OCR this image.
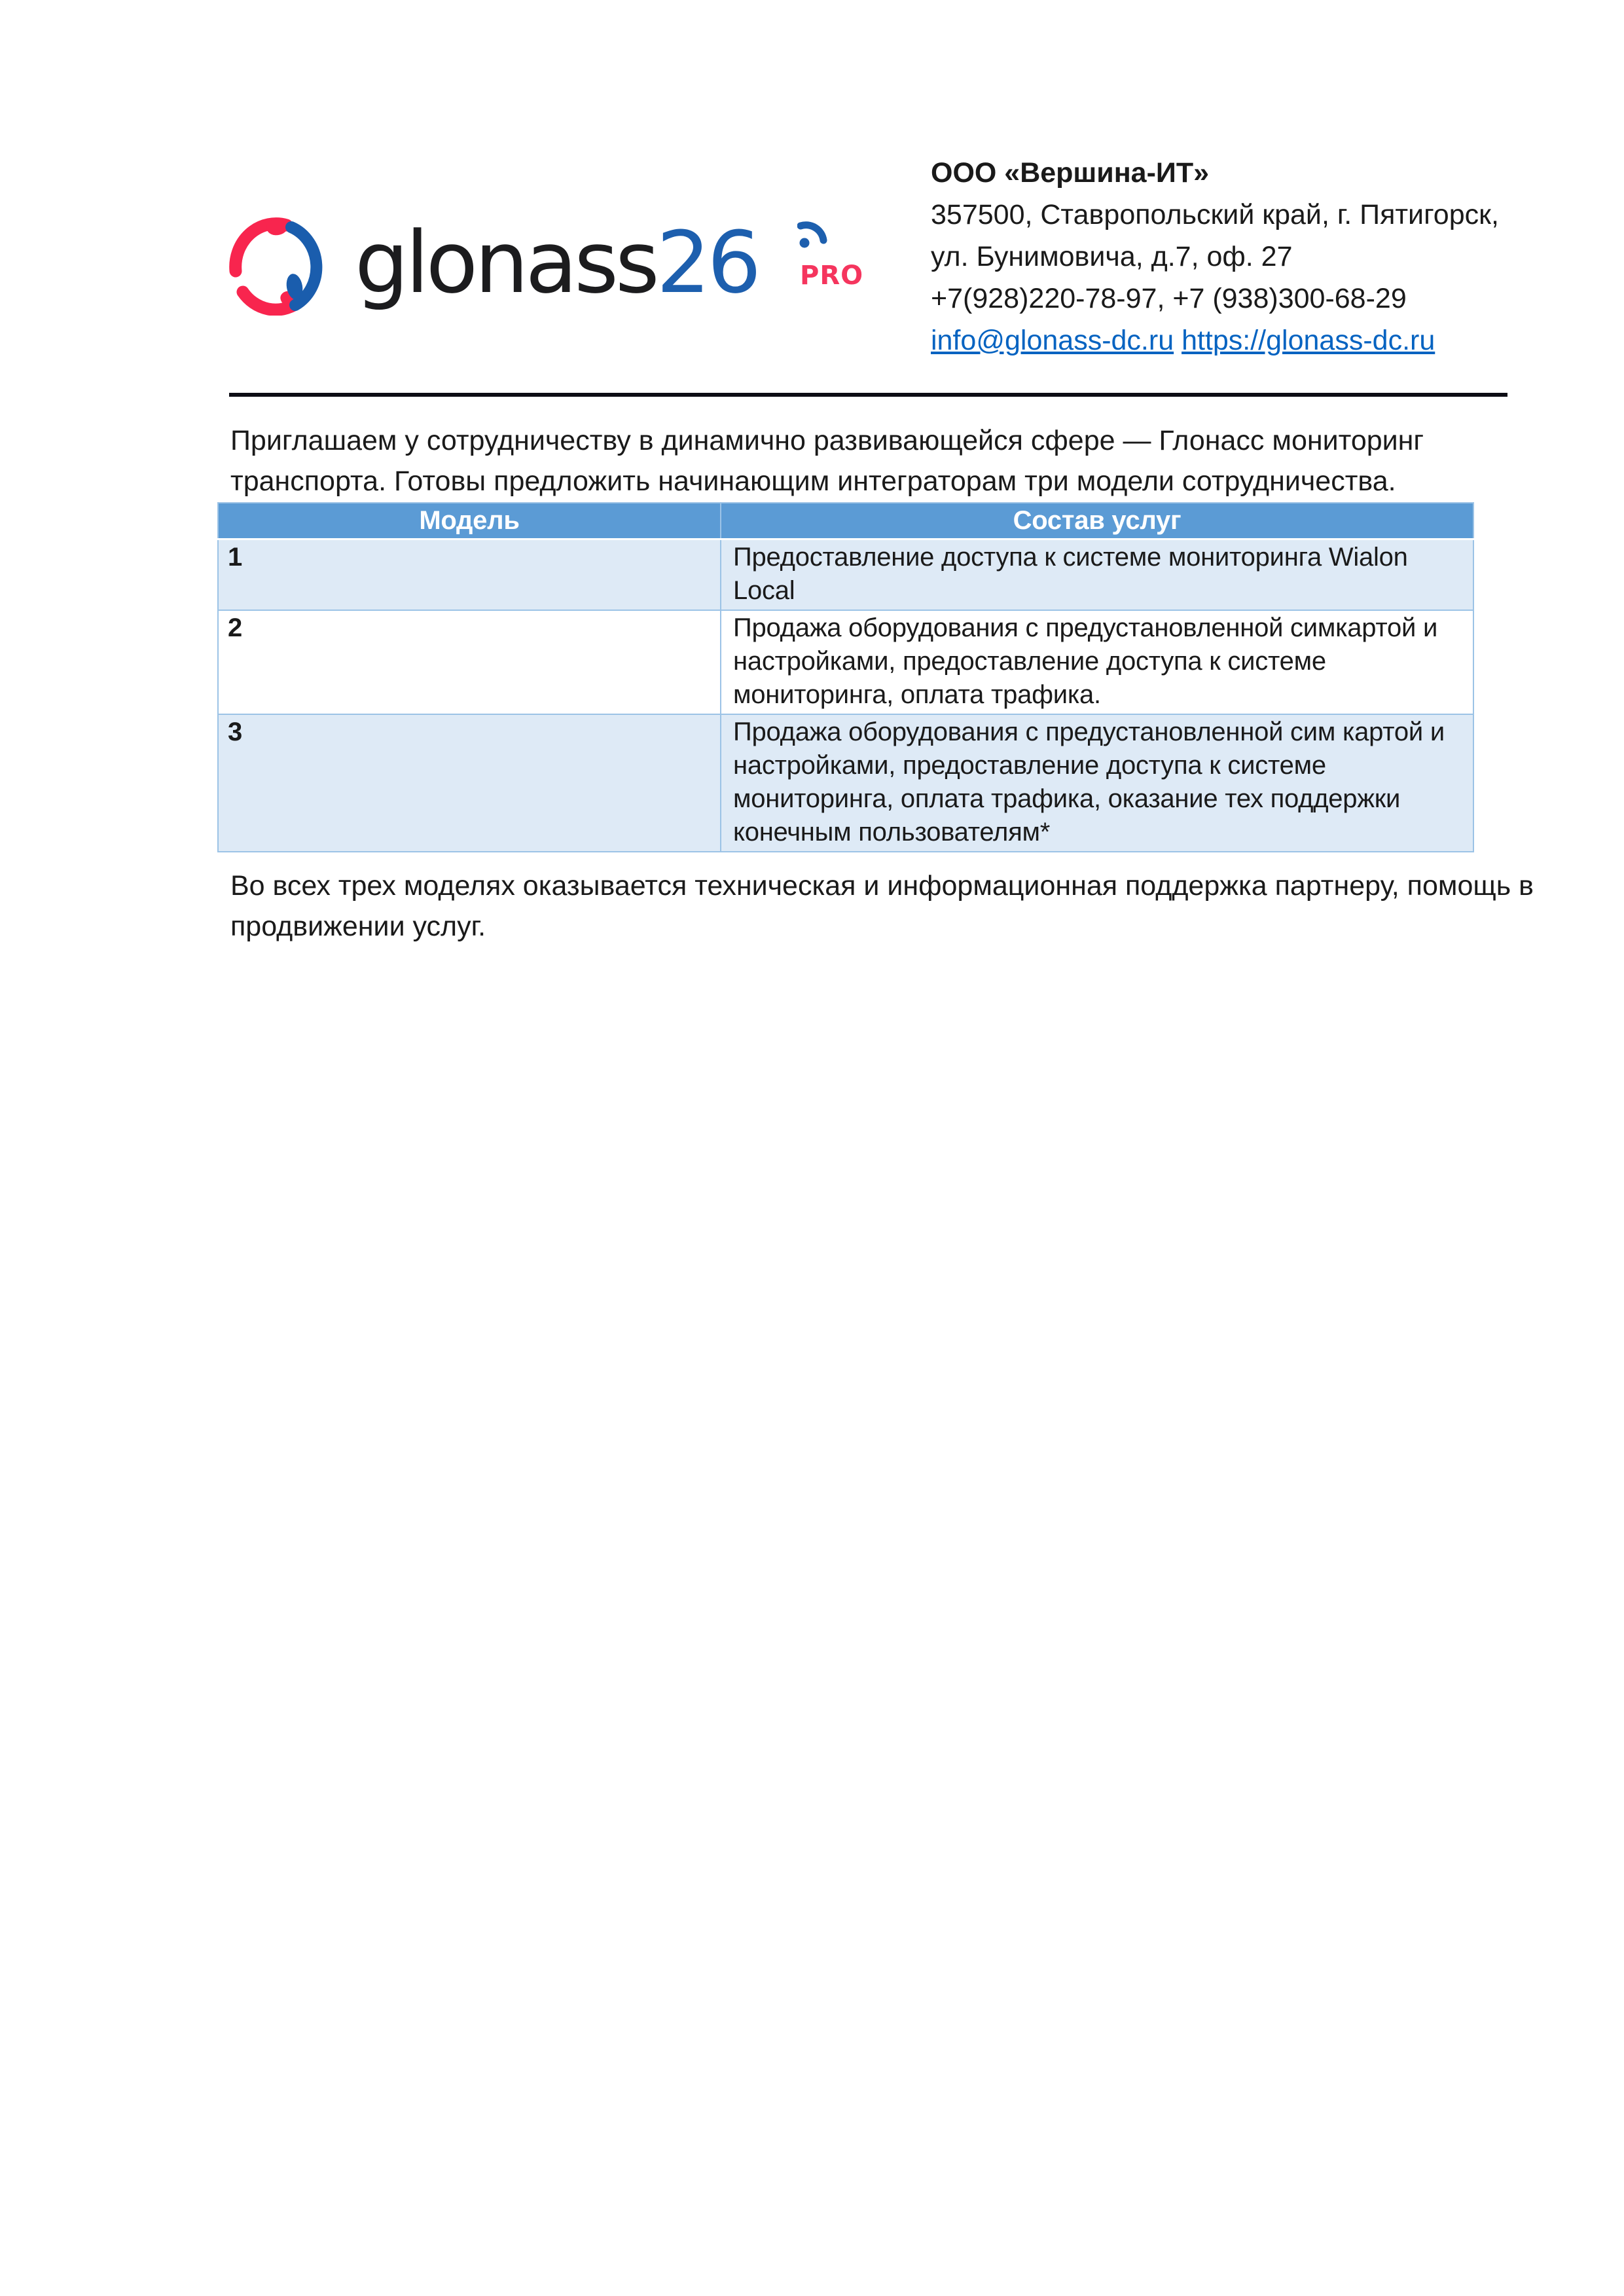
glonass26 PRO
ООО «Вершина-ИТ»
357500, Ставропольский край, г. Пятигорск,
ул. Бунимовича, д.7, оф. 27
+7(928)220-78-97, +7 (938)300-68-29
info@glonass-dc.ru https://glonass-dc.ru
Приглашаем у сотрудничеству в динамично развивающейся сфере — Глонасс мониторинг
транспорта. Готовы предложить начинающим интеграторам три модели сотрудничества.
Модель	Состав услуг
1	Предоставление доступа к системе мониторинга Wialon Local
2	Продажа оборудования с предустановленной симкартой и настройками, предоставление доступа к системе мониторинга, оплата трафика.
3	Продажа оборудования с предустановленной сим картой и настройками, предоставление доступа к системе мониторинга, оплата трафика, оказание тех поддержки конечным пользователям*
Во всех трех моделях оказывается техническая и информационная поддержка партнеру, помощь в
продвижении услуг.
